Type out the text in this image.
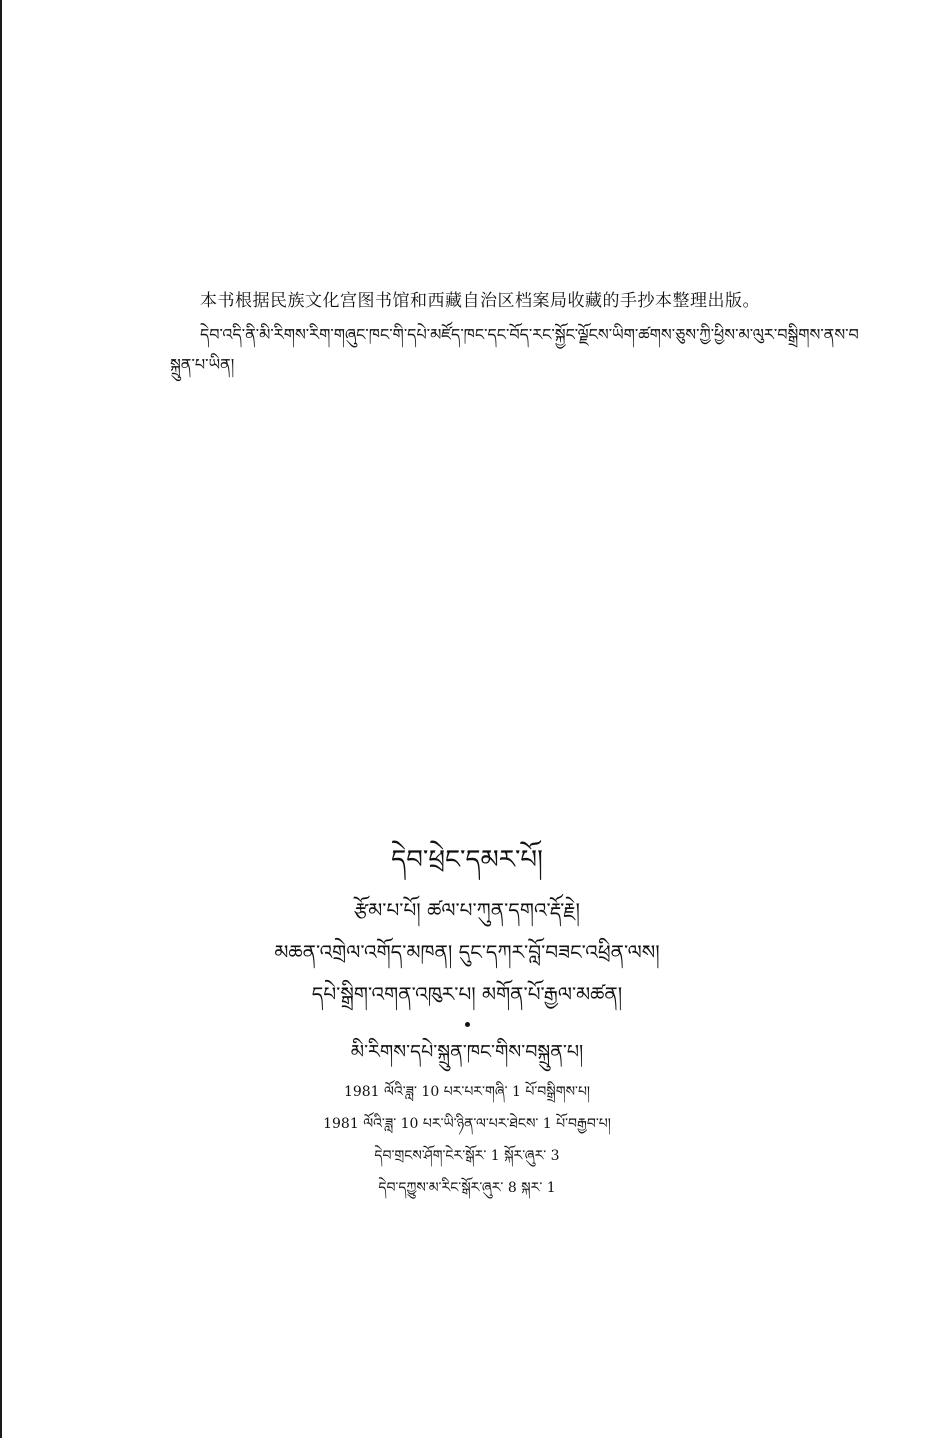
本书根据民族文化宫图书馆和西藏自治区档案局收藏的手抄本整理出版。

དེབ་འདི་ནི་མི་རིགས་རིག་གཞུང་ཁང་གི་དཔེ་མཛོད་ཁང་དང་བོད་རང་སྐྱོང་ལྗོངས་ཡིག་ཚགས་ཅུས་ཀྱི་ཕྱིས་མ་ལུར་བསྒྲིགས་ནས་བསྐྲུན་པ་ཡིན།

དེབ་ཕྲེང་དམར་པོ།
རྩོམ་པ་པོ། ཚལ་པ་ཀུན་དགའ་རྡོ་རྗེ།
མཆན་འགྲེལ་འགོད་མཁན། དུང་དཀར་བློ་བཟང་འཕྲིན་ལས།
དཔེ་སྒྲིག་འགན་འཁུར་པ། མགོན་པོ་རྒྱལ་མཚན།
མི་རིགས་དཔེ་སྐྲུན་ཁང་གིས་བསྐྲུན་པ།
1981 ལོའི་ཟླ་ 10 པར་པར་གཞི་ 1 པོ་བསྒྲིགས་པ།
1981 ལོའི་ཟླ་ 10 པར་ཡི་ཉིན་ལ་པར་ཐེངས་ 1 པོ་བརྒྱབ་པ།
དེབ་གྲངས་ཤོག་ངེར་སྒོར་ 1 སྐོར་ཞུར་ 3
དེབ་དཀྱུས་མ་རིང་སྒོར་ཞུར་ 8 སྐར་ 1
